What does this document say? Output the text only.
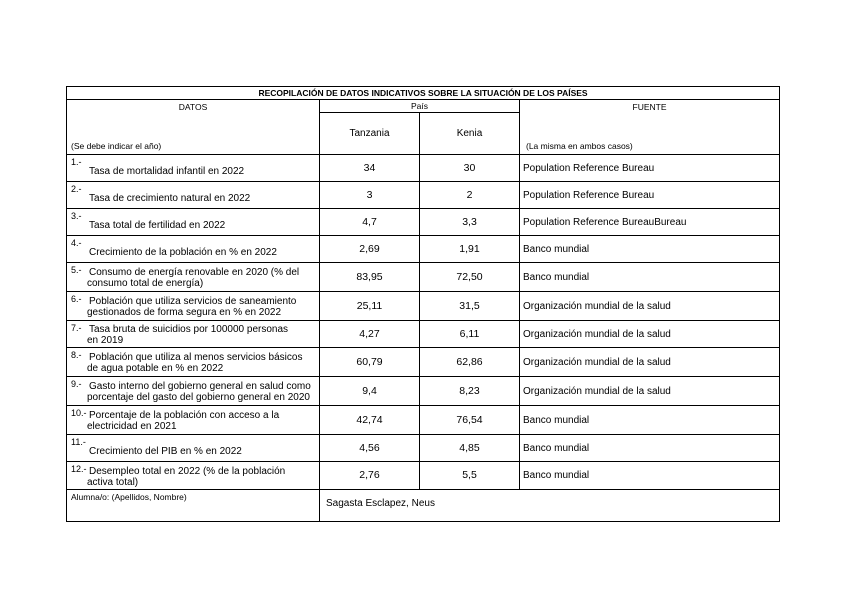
RECOPILACIÓN DE DATOS INDICATIVOS SOBRE LA SITUACIÓN DE LOS PAÍSES			

DATOS
(Se debe indicar el año)	País		FUENTE
(La misma en ambos casos)

	Tanzania	Kenia	

1.-
Tasa de mortalidad infantil en 2022	34	30	Population Reference Bureau

2.-
Tasa de crecimiento natural en 2022	3	2	Population Reference Bureau

3.-
Tasa total de fertilidad en 2022	4,7	3,3	Population Reference BureauBureau

4.-
Crecimiento de la población en % en 2022	2,69	1,91	Banco mundial

5.- Consumo de energía renovable en 2020 (% del
consumo total de energía)	83,95	72,50	Banco mundial

6.- Población que utiliza servicios de saneamiento
gestionados de forma segura en % en 2022	25,11	31,5	Organización mundial de la salud

7.- Tasa bruta de suicidios por 100000 personas
en 2019	4,27	6,11	Organización mundial de la salud

8.- Población que utiliza al menos servicios básicos
de agua potable en % en 2022	60,79	62,86	Organización mundial de la salud

9.- Gasto interno del gobierno general en salud como
porcentaje del gasto del gobierno general en 2020	9,4	8,23	Organización mundial de la salud

10.- Porcentaje de la población con acceso a la
electricidad en 2021	42,74	76,54	Banco mundial

11.-
Crecimiento del PIB en % en 2022	4,56	4,85	Banco mundial

12.- Desempleo total en 2022 (% de la población
activa total)	2,76	5,5	Banco mundial
Alumna/o: (Apellidos, Nombre)	Sagasta Esclapez, Neus		
